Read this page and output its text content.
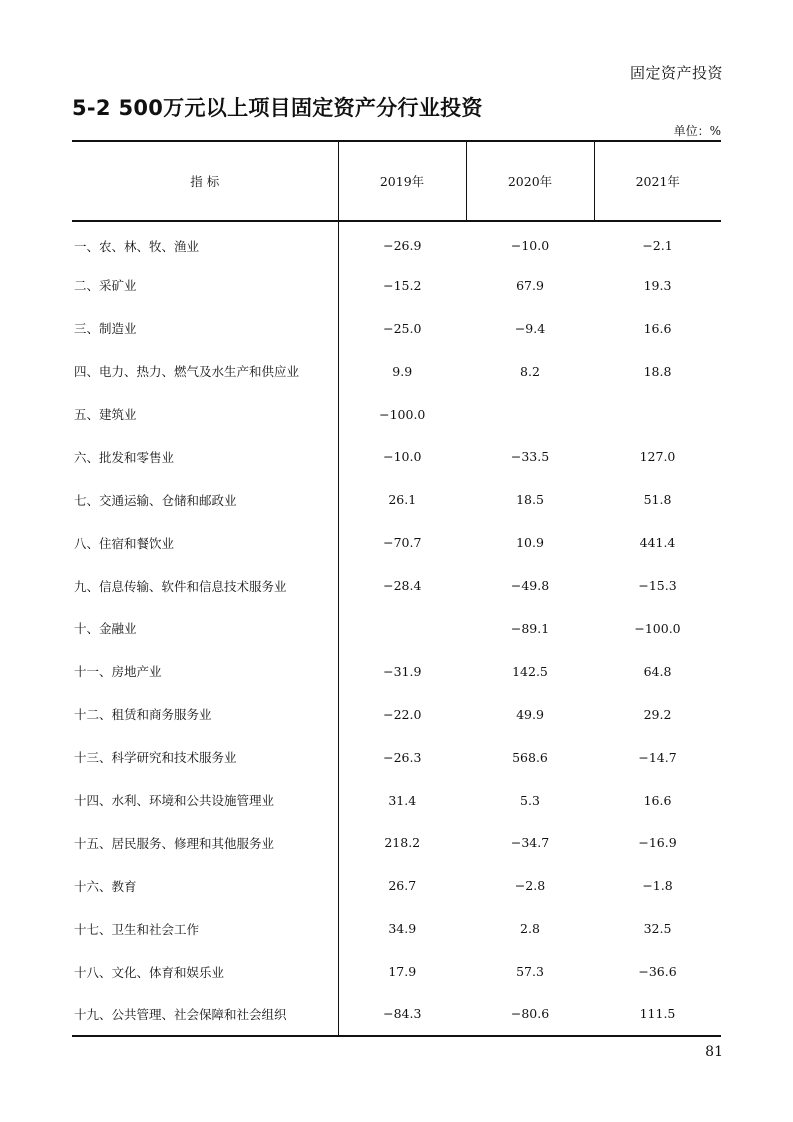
固定资产投资
5-2 500万元以上项目固定资产分行业投资
单位：%
指 标	2019年	2020年	2021年
一、农、林、牧、渔业	−26.9	−10.0	−2.1
二、采矿业	−15.2	67.9	19.3
三、制造业	−25.0	−9.4	16.6
四、电力、热力、燃气及水生产和供应业	9.9	8.2	18.8
五、建筑业	−100.0		
六、批发和零售业	−10.0	−33.5	127.0
七、交通运输、仓储和邮政业	26.1	18.5	51.8
八、住宿和餐饮业	−70.7	10.9	441.4
九、信息传输、软件和信息技术服务业	−28.4	−49.8	−15.3
十、金融业		−89.1	−100.0
十一、房地产业	−31.9	142.5	64.8
十二、租赁和商务服务业	−22.0	49.9	29.2
十三、科学研究和技术服务业	−26.3	568.6	−14.7
十四、水利、环境和公共设施管理业	31.4	5.3	16.6
十五、居民服务、修理和其他服务业	218.2	−34.7	−16.9
十六、教育	26.7	−2.8	−1.8
十七、卫生和社会工作	34.9	2.8	32.5
十八、文化、体育和娱乐业	17.9	57.3	−36.6
十九、公共管理、社会保障和社会组织	−84.3	−80.6	111.5
81
